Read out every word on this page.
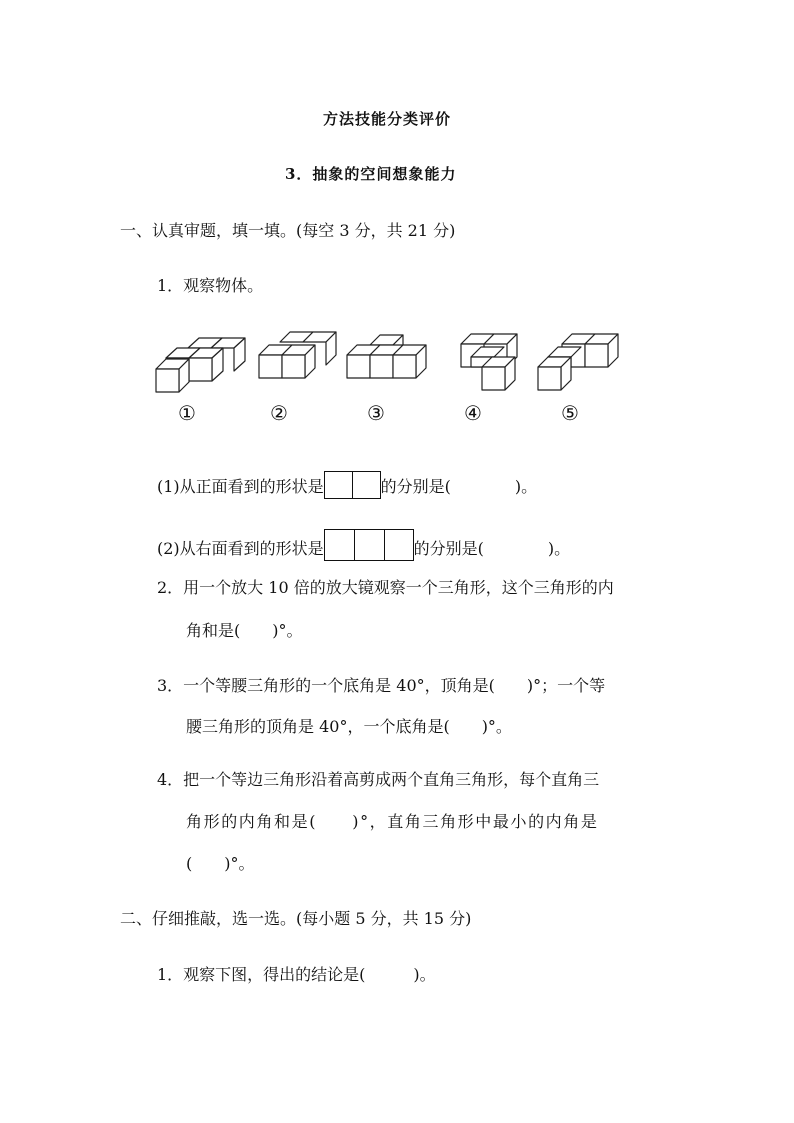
方法技能分类评价
3．抽象的空间想象能力
一、认真审题，填一填。(每空 3 分，共 21 分)
1．观察物体。
①	②	③	④	⑤
(1)从正面看到的形状是	的分别是(　　　　)。
(2)从右面看到的形状是	的分别是(　　　　)。
2．用一个放大 10 倍的放大镜观察一个三角形，这个三角形的内
角和是(　　)°。
3．一个等腰三角形的一个底角是 40°，顶角是(　　)°；一个等
腰三角形的顶角是 40°，一个底角是(　　)°。
4．把一个等边三角形沿着高剪成两个直角三角形，每个直角三
角形的内角和是(　　)°，直角三角形中最小的内角是
(　　)°。
二、仔细推敲，选一选。(每小题 5 分，共 15 分)
1．观察下图，得出的结论是(　　　)。
